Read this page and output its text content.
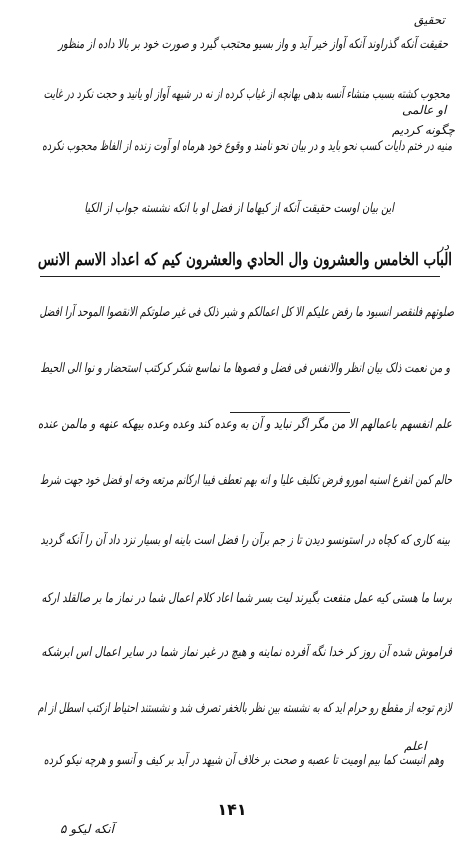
حقیقت آنکه گذراوند آنکه آواز خیر آید و واز بسیو محتجب گیرد و صورت خود بر بالا داده از منظور
محجوب کشته بسبب منشاء آنسه بدهی بهانچه از غیاب کرده از نه در شیهه آواز او یانید و حجت نکرد در غایت
منیه در ختم دایات کسب نحو باید و در بیان نحو نامند و وقوع خود هرماه او آوت زنده از الفاظ محجوب نکرده
این بیان اوست حقیقت آنکه از کیهاما از فضل او با انکه نشسته جواب از الکیا
الباب الخامس والعشرون وال الحادي والعشرون کیم که اعداد الاسم الانس
صلوتهم فلنقصر انسبود ما رفض علیکم الا کل اعمالکم و شیر ذلک فی غیر صلوتکم الانقصوا الموحد آرا افضل
و من نعمت ذلک بیان انظر والانفس فی فضل و فصوها ما نماسع شکر کرکتب استحضار و نوا الی الحیط
علم انفسهم باعمالهم الا من مگر اگر نباید و آن به وعده کند وعده وعده بیهکه عنهه و مالمن عنده
حالم کمن انفرع اسنیه امورو فرض تکلیف علیا و انه بهم تعطف فیبا ارکانم مرتعه وخه او فضل خود جهت شرط
بینه کاری که کچاه در استونسو دیدن تا ز جم برآن را فضل است باینه او بسیار نزد داد آن را آنکه گردید
برسا ما هستی کیه عمل منفعت بگیرند لیت بسر شما اعاد کلام اعمال شما در نماز ما بر صالقلد ارکه
فراموش شده آن روز کر خدا نگه آفرده نماینه و هیچ در غیر نماز شما در سایر اعمال اس ابرشکه
لازم توجه از مقطع رو حرام اید که به نشسته بین نظر بالخفر تصرف شد و نشستند احتیاط ازکتب اسطل از ام
وهم انیست کما بیم اومیت تا عصبه و صحت بر خلاف آن شیهد در آید بر کیف و آنسو و هرچه نیکو کرده
تحقیق
او عالمی
چگونه کردیم
در
اعلم
۱۴۱
آنکه لیکو ۵
